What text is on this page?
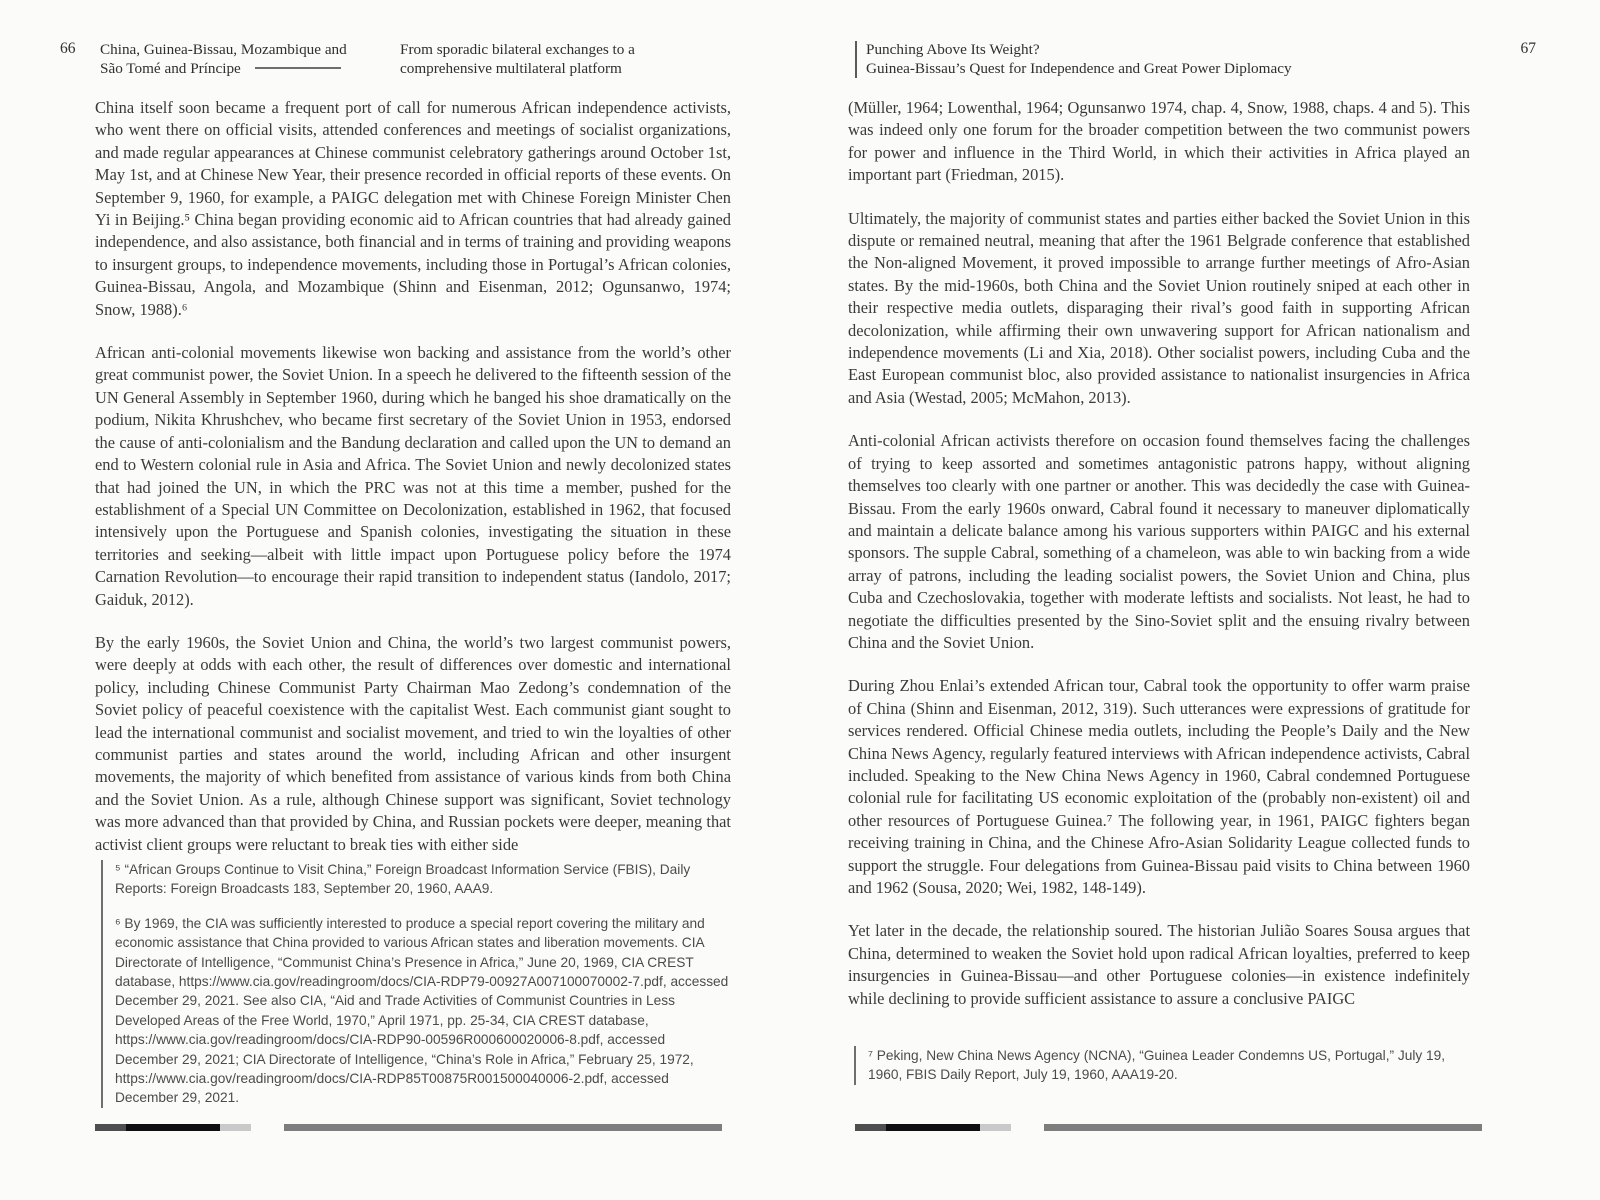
66 China, Guinea-Bissau, Mozambique and
São Tomé and Príncipe
From sporadic bilateral exchanges to a
comprehensive multilateral platform

China itself soon became a frequent port of call for numerous African independence activists, who went there on official visits, attended conferences and meetings of socialist organizations, and made regular appearances at Chinese communist celebratory gatherings around October 1st, May 1st, and at Chinese New Year, their presence recorded in official reports of these events. On September 9, 1960, for example, a PAIGC delegation met with Chinese Foreign Minister Chen Yi in Beijing.⁵ China began providing economic aid to African countries that had already gained independence, and also assistance, both financial and in terms of training and providing weapons to insurgent groups, to independence movements, including those in Portugal’s African colonies, Guinea-Bissau, Angola, and Mozambique (Shinn and Eisenman, 2012; Ogunsanwo, 1974; Snow, 1988).⁶

African anti-colonial movements likewise won backing and assistance from the world’s other great communist power, the Soviet Union. In a speech he delivered to the fifteenth session of the UN General Assembly in September 1960, during which he banged his shoe dramatically on the podium, Nikita Khrushchev, who became first secretary of the Soviet Union in 1953, endorsed the cause of anti-colonialism and the Bandung declaration and called upon the UN to demand an end to Western colonial rule in Asia and Africa. The Soviet Union and newly decolonized states that had joined the UN, in which the PRC was not at this time a member, pushed for the establishment of a Special UN Committee on Decolonization, established in 1962, that focused intensively upon the Portuguese and Spanish colonies, investigating the situation in these territories and seeking—albeit with little impact upon Portuguese policy before the 1974 Carnation Revolution—to encourage their rapid transition to independent status (Iandolo, 2017; Gaiduk, 2012).

By the early 1960s, the Soviet Union and China, the world’s two largest communist powers, were deeply at odds with each other, the result of differences over domestic and international policy, including Chinese Communist Party Chairman Mao Zedong’s condemnation of the Soviet policy of peaceful coexistence with the capitalist West. Each communist giant sought to lead the international communist and socialist movement, and tried to win the loyalties of other communist parties and states around the world, including African and other insurgent movements, the majority of which benefited from assistance of various kinds from both China and the Soviet Union. As a rule, although Chinese support was significant, Soviet technology was more advanced than that provided by China, and Russian pockets were deeper, meaning that activist client groups were reluctant to break ties with either side

⁵ “African Groups Continue to Visit China,” Foreign Broadcast Information Service (FBIS), Daily Reports: Foreign Broadcasts 183, September 20, 1960, AAA9.

⁶ By 1969, the CIA was sufficiently interested to produce a special report covering the military and economic assistance that China provided to various African states and liberation movements. CIA Directorate of Intelligence, “Communist China’s Presence in Africa,” June 20, 1969, CIA CREST database, https://www.cia.gov/readingroom/docs/CIA-RDP79-00927A007100070002-7.pdf, accessed December 29, 2021. See also CIA, “Aid and Trade Activities of Communist Countries in Less Developed Areas of the Free World, 1970,” April 1971, pp. 25-34, CIA CREST database, https://www.cia.gov/readingroom/docs/CIA-RDP90-00596R000600020006-8.pdf, accessed December 29, 2021; CIA Directorate of Intelligence, “China’s Role in Africa,” February 25, 1972, https://www.cia.gov/readingroom/docs/CIA-RDP85T00875R001500040006-2.pdf, accessed December 29, 2021.

Punching Above Its Weight?
Guinea-Bissau’s Quest for Independence and Great Power Diplomacy
67

(Müller, 1964; Lowenthal, 1964; Ogunsanwo 1974, chap. 4, Snow, 1988, chaps. 4 and 5). This was indeed only one forum for the broader competition between the two communist powers for power and influence in the Third World, in which their activities in Africa played an important part (Friedman, 2015).

Ultimately, the majority of communist states and parties either backed the Soviet Union in this dispute or remained neutral, meaning that after the 1961 Belgrade conference that established the Non-aligned Movement, it proved impossible to arrange further meetings of Afro-Asian states. By the mid-1960s, both China and the Soviet Union routinely sniped at each other in their respective media outlets, disparaging their rival’s good faith in supporting African decolonization, while affirming their own unwavering support for African nationalism and independence movements (Li and Xia, 2018). Other socialist powers, including Cuba and the East European communist bloc, also provided assistance to nationalist insurgencies in Africa and Asia (Westad, 2005; McMahon, 2013).

Anti-colonial African activists therefore on occasion found themselves facing the challenges of trying to keep assorted and sometimes antagonistic patrons happy, without aligning themselves too clearly with one partner or another. This was decidedly the case with Guinea-Bissau. From the early 1960s onward, Cabral found it necessary to maneuver diplomatically and maintain a delicate balance among his various supporters within PAIGC and his external sponsors. The supple Cabral, something of a chameleon, was able to win backing from a wide array of patrons, including the leading socialist powers, the Soviet Union and China, plus Cuba and Czechoslovakia, together with moderate leftists and socialists. Not least, he had to negotiate the difficulties presented by the Sino-Soviet split and the ensuing rivalry between China and the Soviet Union.

During Zhou Enlai’s extended African tour, Cabral took the opportunity to offer warm praise of China (Shinn and Eisenman, 2012, 319). Such utterances were expressions of gratitude for services rendered. Official Chinese media outlets, including the People’s Daily and the New China News Agency, regularly featured interviews with African independence activists, Cabral included. Speaking to the New China News Agency in 1960, Cabral condemned Portuguese colonial rule for facilitating US economic exploitation of the (probably non-existent) oil and other resources of Portuguese Guinea.⁷ The following year, in 1961, PAIGC fighters began receiving training in China, and the Chinese Afro-Asian Solidarity League collected funds to support the struggle. Four delegations from Guinea-Bissau paid visits to China between 1960 and 1962 (Sousa, 2020; Wei, 1982, 148-149).

Yet later in the decade, the relationship soured. The historian Julião Soares Sousa argues that China, determined to weaken the Soviet hold upon radical African loyalties, preferred to keep insurgencies in Guinea-Bissau—and other Portuguese colonies—in existence indefinitely while declining to provide sufficient assistance to assure a conclusive PAIGC

⁷ Peking, New China News Agency (NCNA), “Guinea Leader Condemns US, Portugal,” July 19, 1960, FBIS Daily Report, July 19, 1960, AAA19-20.
